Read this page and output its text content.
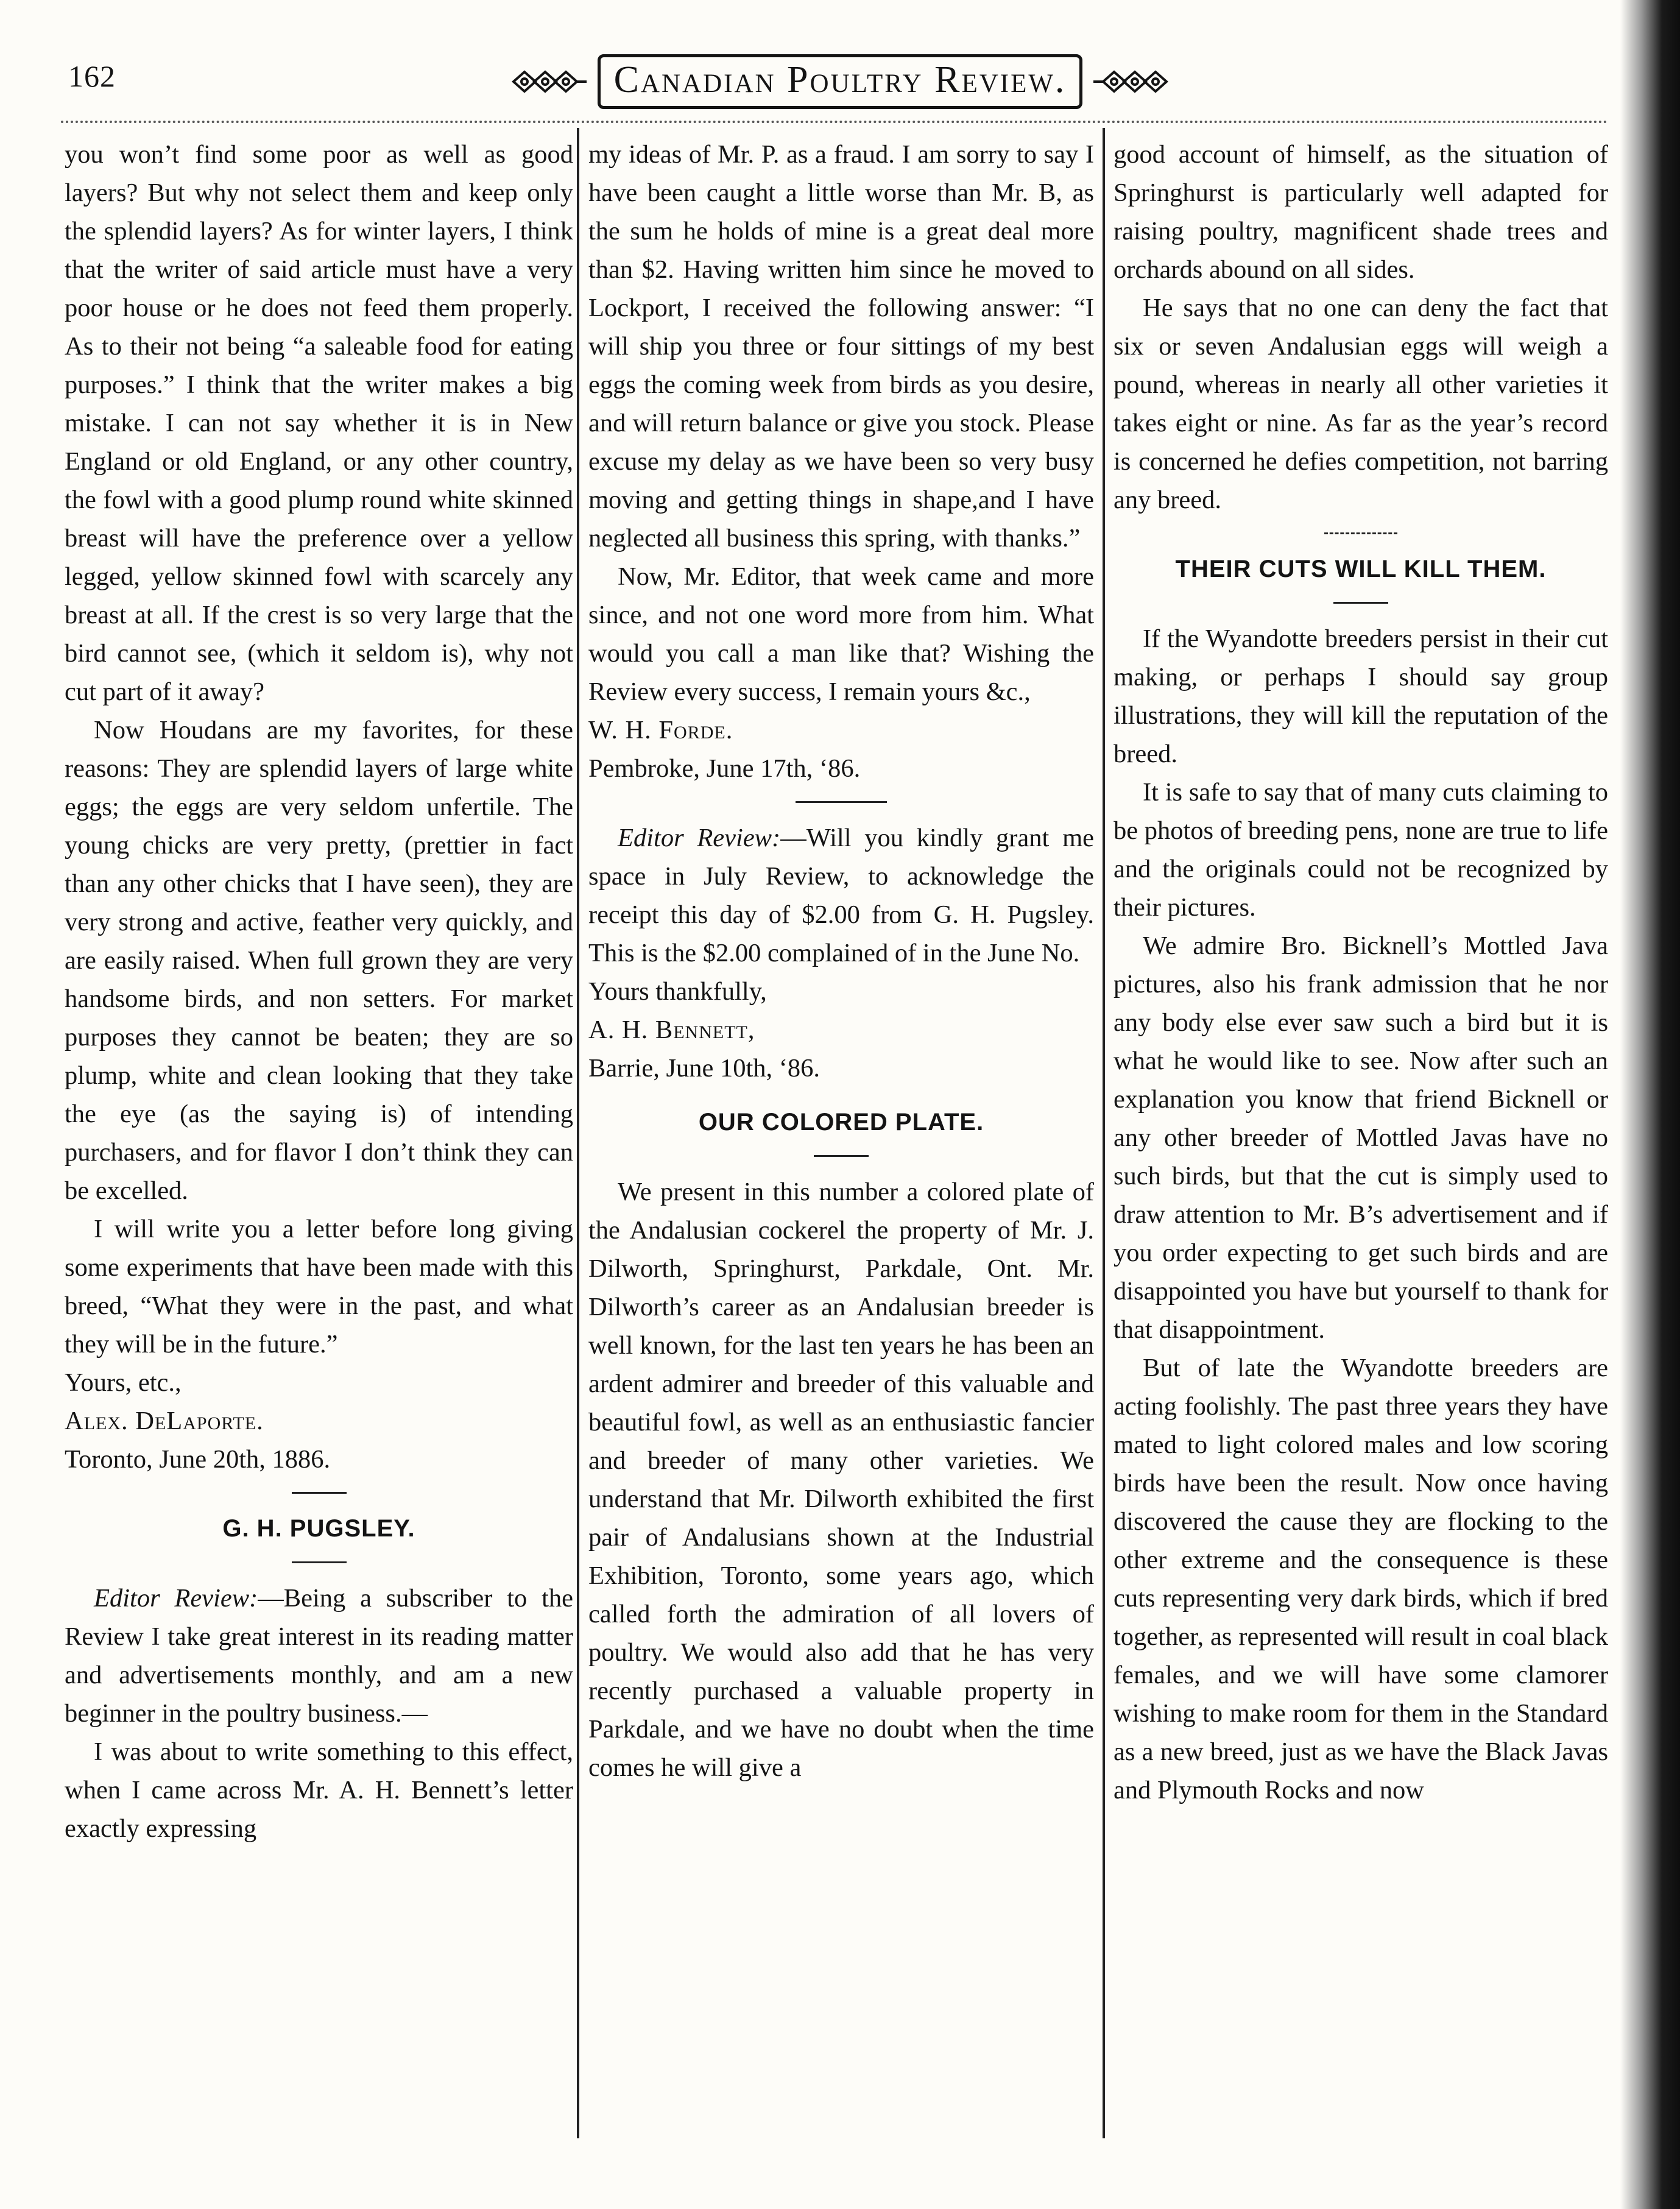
162	Canadian Poultry Review.

you won’t find some poor as well as good layers? But why not select them and keep only the splendid layers? As for winter layers, I think that the writer of said article must have a very poor house or he does not feed them properly. As to their not being “a saleable food for eating purposes.” I think that the writer makes a big mistake. I can not say whether it is in New England or old England, or any other country, the fowl with a good plump round white skinned breast will have the preference over a yellow legged, yellow skinned fowl with scarcely any breast at all. If the crest is so very large that the bird cannot see, (which it seldom is), why not cut part of it away?

Now Houdans are my favorites, for these reasons: They are splendid layers of large white eggs; the eggs are very seldom unfertile. The young chicks are very pretty, (prettier in fact than any other chicks that I have seen), they are very strong and active, feather very quickly, and are easily raised. When full grown they are very handsome birds, and non setters. For market purposes they cannot be beaten; they are so plump, white and clean looking that they take the eye (as the saying is) of intending purchasers, and for flavor I don’t think they can be excelled.

I will write you a letter before long giving some experiments that have been made with this breed, “What they were in the past, and what they will be in the future.”

Yours, etc.,

Alex. DeLaporte.

Toronto, June 20th, 1886.

G. H. PUGSLEY.

Editor Review:—Being a subscriber to the Review I take great interest in its reading matter and advertisements monthly, and am a new beginner in the poultry business.—

I was about to write something to this effect, when I came across Mr. A. H. Bennett’s letter exactly expressing

my ideas of Mr. P. as a fraud. I am sorry to say I have been caught a little worse than Mr. B, as the sum he holds of mine is a great deal more than $2. Having written him since he moved to Lockport, I received the following answer: “I will ship you three or four sittings of my best eggs the coming week from birds as you desire, and will return balance or give you stock. Please excuse my delay as we have been so very busy moving and getting things in shape,and I have neglected all business this spring, with thanks.”

Now, Mr. Editor, that week came and more since, and not one word more from him. What would you call a man like that? Wishing the Review every success, I remain yours &c.,

W. H. Forde.

Pembroke, June 17th, ‘86.

Editor Review:—Will you kindly grant me space in July Review, to acknowledge the receipt this day of $2.00 from G. H. Pugsley. This is the $2.00 complained of in the June No.

Yours thankfully,

A. H. Bennett,

Barrie, June 10th, ‘86.

OUR COLORED PLATE.

We present in this number a colored plate of the Andalusian cockerel the property of Mr. J. Dilworth, Springhurst, Parkdale, Ont. Mr. Dilworth’s career as an Andalusian breeder is well known, for the last ten years he has been an ardent admirer and breeder of this valuable and beautiful fowl, as well as an enthusiastic fancier and breeder of many other varieties. We understand that Mr. Dilworth exhibited the first pair of Andalusians shown at the Industrial Exhibition, Toronto, some years ago, which called forth the admiration of all lovers of poultry. We would also add that he has very recently purchased a valuable property in Parkdale, and we have no doubt when the time comes he will give a

good account of himself, as the situation of Springhurst is particularly well adapted for raising poultry, magnificent shade trees and orchards abound on all sides.

He says that no one can deny the fact that six or seven Andalusian eggs will weigh a pound, whereas in nearly all other varieties it takes eight or nine. As far as the year’s record is concerned he defies competition, not barring any breed.

THEIR CUTS WILL KILL THEM.

If the Wyandotte breeders persist in their cut making, or perhaps I should say group illustrations, they will kill the reputation of the breed.

It is safe to say that of many cuts claiming to be photos of breeding pens, none are true to life and the originals could not be recognized by their pictures.

We admire Bro. Bicknell’s Mottled Java pictures, also his frank admission that he nor any body else ever saw such a bird but it is what he would like to see. Now after such an explanation you know that friend Bicknell or any other breeder of Mottled Javas have no such birds, but that the cut is simply used to draw attention to Mr. B’s advertisement and if you order expecting to get such birds and are disappointed you have but yourself to thank for that disappointment.

But of late the Wyandotte breeders are acting foolishly. The past three years they have mated to light colored males and low scoring birds have been the result. Now once having discovered the cause they are flocking to the other extreme and the consequence is these cuts representing very dark birds, which if bred together, as represented will result in coal black females, and we will have some clamorer wishing to make room for them in the Standard as a new breed, just as we have the Black Javas and Plymouth Rocks and now
